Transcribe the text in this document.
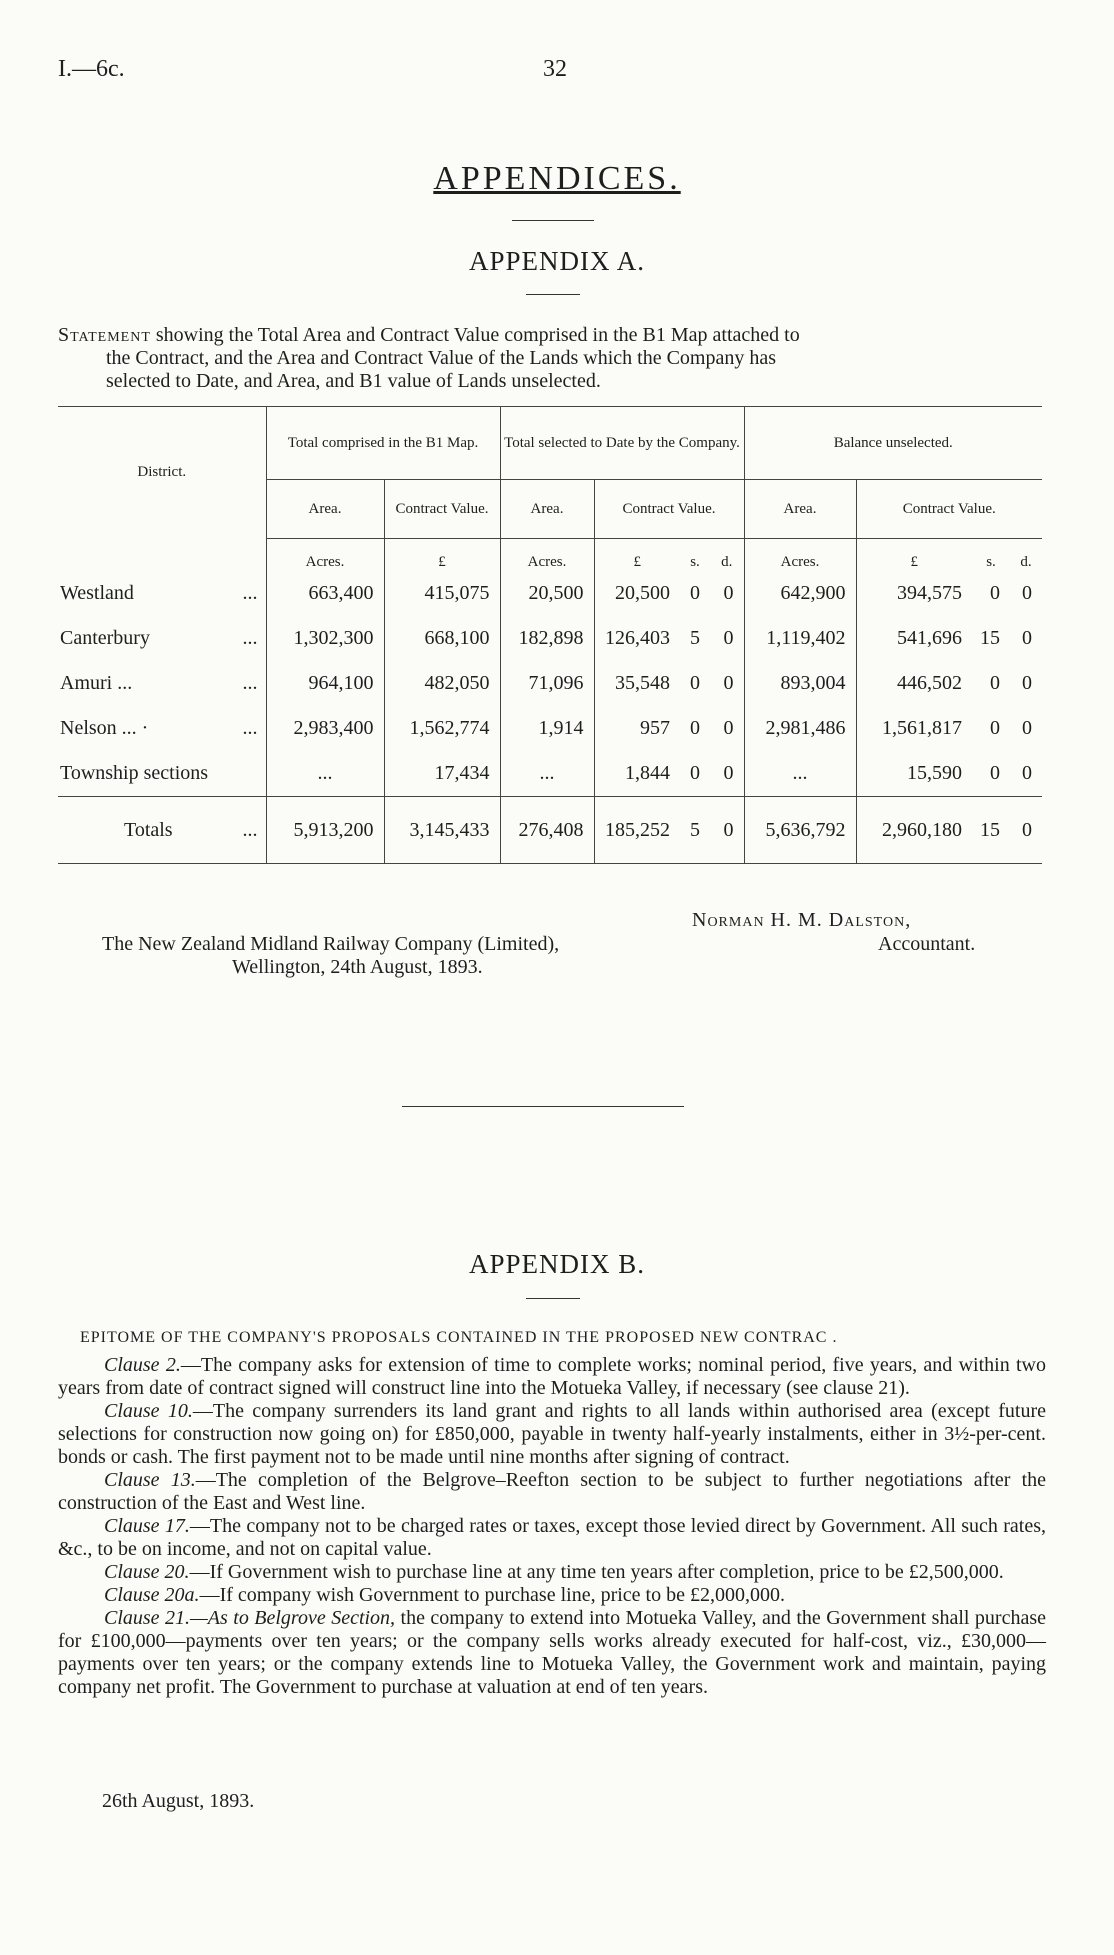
I.—6c.	32
APPENDICES.
APPENDIX A.
Statement showing the Total Area and Contract Value comprised in the B1 Map attached to
the Contract, and the Area and Contract Value of the Lands which the Company has
selected to Date, and Area, and B1 value of Lands unselected.
District.	Total comprised in the B1 Map.		Total selected to Date by the Company.				Balance unselected.			
	Area.	Contract Value.	Area.	Contract Value.			Area.	Contract Value.		
	Acres.	£	Acres.	£	s.	d.	Acres.	£	s.	d.
Westland ...	663,400	415,075	20,500	20,500	0	0	642,900	394,575	0	0
Canterbury ...	1,302,300	668,100	182,898	126,403	5	0	1,119,402	541,696	15	0
Amuri ... ...	964,100	482,050	71,096	35,548	0	0	893,004	446,502	0	0
Nelson ... · ...	2,983,400	1,562,774	1,914	957	0	0	2,981,486	1,561,817	0	0
Township sections	...	17,434	...	1,844	0	0	...	15,590	0	0
Totals ...	5,913,200	3,145,433	276,408	185,252	5	0	5,636,792	2,960,180	15	0
Norman H. M. Dalston,
Accountant.
The New Zealand Midland Railway Company (Limited),
Wellington, 24th August, 1893.
APPENDIX B.
EPITOME OF THE COMPANY'S PROPOSALS CONTAINED IN THE PROPOSED NEW CONTRAC .

Clause 2.—The company asks for extension of time to complete works; nominal period, five years, and within two years from date of contract signed will construct line into the Motueka Valley, if necessary (see clause 21).

Clause 10.—The company surrenders its land grant and rights to all lands within authorised area (except future selections for construction now going on) for £850,000, payable in twenty half-yearly instalments, either in 3½-per-cent. bonds or cash. The first payment not to be made until nine months after signing of contract.

Clause 13.—The completion of the Belgrove–Reefton section to be subject to further negotiations after the construction of the East and West line.

Clause 17.—The company not to be charged rates or taxes, except those levied direct by Government. All such rates, &c., to be on income, and not on capital value.

Clause 20.—If Government wish to purchase line at any time ten years after completion, price to be £2,500,000.

Clause 20a.—If company wish Government to purchase line, price to be £2,000,000.

Clause 21.—As to Belgrove Section, the company to extend into Motueka Valley, and the Government shall purchase for £100,000—payments over ten years; or the company sells works already executed for half-cost, viz., £30,000—payments over ten years; or the company extends line to Motueka Valley, the Government work and maintain, paying company net profit. The Government to purchase at valuation at end of ten years.

26th August, 1893.
